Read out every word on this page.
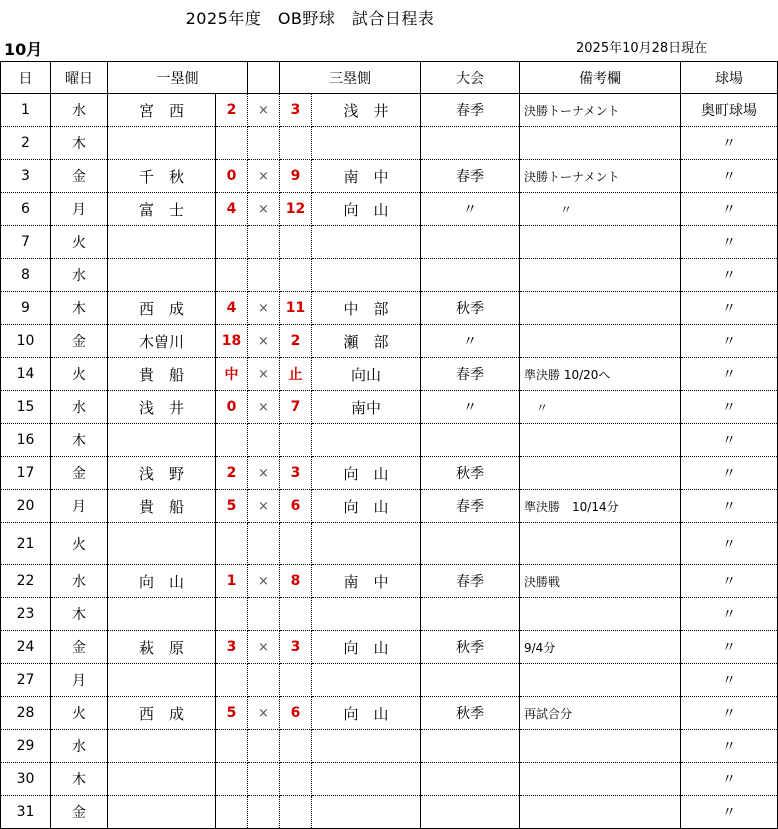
2025年度　OB野球　試合日程表
10月	2025年10月28日現在
日	曜日	一塁側			三塁側		大会	備考欄	球場
1	水	宮　西	2	×	3	浅　井	春季	決勝トーナメント	奥町球場
2	木								〃
3	金	千　秋	0	×	9	南　中	春季	決勝トーナメント	〃
6	月	富　士	4	×	12	向　山	〃	　　　〃	〃
7	火								〃
8	水								〃
9	木	西　成	4	×	11	中　部	秋季		〃
10	金	木曽川	18	×	2	瀬　部	〃		〃
14	火	貴　船	中	×	止	向山	春季	準決勝 10/20へ	〃
15	水	浅　井	0	×	7	南中	〃	　〃	〃
16	木								〃
17	金	浅　野	2	×	3	向　山	秋季		〃
20	月	貴　船	5	×	6	向　山	春季	準決勝　10/14分	〃
21	火								〃
22	水	向　山	1	×	8	南　中	春季	決勝戦	〃
23	木								〃
24	金	萩　原	3	×	3	向　山	秋季	9/4分	〃
27	月								〃
28	火	西　成	5	×	6	向　山	秋季	再試合分	〃
29	水								〃
30	木								〃
31	金								〃
